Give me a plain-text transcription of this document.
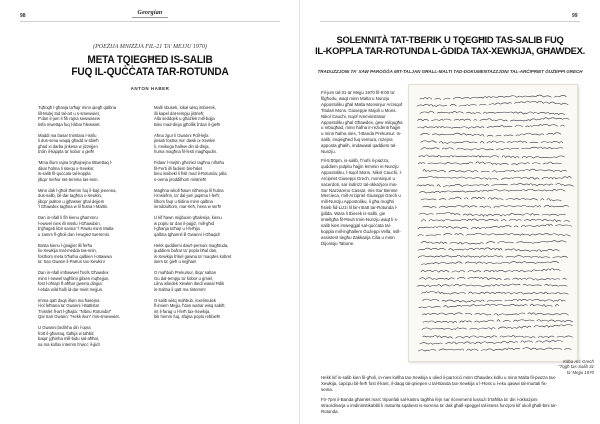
98	Georgian
(POEŻIJA MNIŻŻJA FIL-21 TA' MEJJU 1970)
META TQIEGĦED IS-SALIB
FUQ IL-QUĊĊATA TAR-ROTUNDA
ANTON HABER
Tqħogħ l-għanja ta'ħajr minn qiegħ qalbna
lill-Mulej Sid tal-art u s-smewwiet,
F'dan il-jum li fih rajna sewwasew
tisfa mwettqa fuq l-ikbar ħlewwiet.
Maddi ma basar tnimtara l-isrilu
li dus-sena waqaj għadd w sbieħ
għad xi darba jinkesa w jizzejjen
b'din il-kappla ta' kobor u ġieħ!
'Mma illum rajna b'għajnejna tittwettaq l-
4ikar ħolma li ssequ x-Xewkin;
is-salib fil-quċċata tal-koppla
jibqa' meħur set-temma tas-snin.
Minn dak l-għoli tħemm fuq il-bajt jeeenna,
dus-salib, bil-dar tagħna x-Xewkin,
jibqa' joalton u jgħasser għal dejjem
'l Għawdex tagħna w lil ħutna l-Maltin.
Dan in-nfall li fih kienu għammru
l-ewwel nies illi nisslu l-Għawdxin,
b'għageb kbir sanna' 'l Pawlu minn Malta
u żamm fl-għoli dan l-ewgiez twemmin.
Bosta kienu l-ġnajjiet illi ferħu
lix-Xewkija mal-medda tas-snin,
fosthom meta b'ħafna qalbien l-ottawwa
ta' San Gwann il-Patrun tax-Xewkin!
Dan in-nfall imħawwel f'nofs Għawdex
minn l-ewwel tagħlimi ġibien mqħejjun,
fost l-oħrajn fl-aħħar gwerra dingia:
l-ebda wild ħalli id-dar mieit mejjun.
Imma qatt daqs illum ma ħasejna
l-lol feħtana ta' Gwanni l-Battista!
Tnisslet fl-art l-għajta: "Nibnu Rotunda!"
Qal San Gwann: "Hekk ikun" mis-smewwiet.
U Gwanni beżikha din l-opra
frott il-għarraq, ttaħija w taħbit;
baqa' jgħinha mill-bidu sal-aħħar,
sa ma kollox intemm b'wicc il-ġid!
Malli nbusek, lokal wisq imbierek,
illi kapel dat-tempju jistrieħ;
Alla seddqek u għażlek mill-bqija
Biex mad-dinja jgħollik b'dan il-ġieħ!
Aħna żgur li Gwanni Pdil-lejla
jinsab fostna ma' dawk ix-Xewkin
li, mnikeġa ħallew din id-dinja,
huma magħna fil-festi magħqudin.
Fidaw' l-mejtin għeżież tagħna nifraħu
fil-Ferti illi fadiem bis-ħiliet
bieu issibekl li ħsil mod il-Rotunda; jalla
s-oema jiroddilhom mistrieħ!
Magħna wkoll ħawn nitħenqu lil ħutna
l-imsiefrin, ta' dal-jum jaqsmu l-ferħ;
lilhom faqr u tlidina minn qalbna
inroddulhom, mar-rieħ, hena w serħ!
U kif ħawn miġbuxin għalenija, kienu
w poplu ta' dan il-pajjiż, mill-għid
l-għanja ta'ħajr u l-ferħija
qalbna tgħannil lil Gwanni l-Għaqid!
Hekk quddiemi daw'l-persuni magħtuda,
quddiem bafrar ta' poplu bħal dan,
is-Xewkija b'ikel gawna ta' maqdes kobret
isem ta' ġieħ u sejjħan!
O maħbub Prekursur, ibqa' saltan
Gu dal-tempju ta' kobor u ġmiel,
Lilna wliedek Xewkin ibedi wasal Ħdik
is-Saltna li qatt ma tintemm!
O salib wisq maħbub, inxelimulek
fl-imiem Mejju, f'dan wahar wisq sabiħ;
int il-farag u l-ferħ tax-Xewkija,
bik hemm fuq, sfajna poplu rebbieħ!
99
SOLENNITÀ TAT-TBERIK U TQEGĦID TAS-SALIB FUQ
IL-KOPPLA TAR-ROTUNDA L-ĠDIDA TAX-XEWKIJA, GĦAWDEX.
TRADUZZJONI TA' XAW PAROĠĠA MIT-TALJAN GĦALL-MALTI TAD-DOKUMENTAZZJONI TAL-ARĊIPRIET ĠUŻEPPI GRECH

Fil-jum tal-31 ta' Mejju 1970 fil-9:00 ta' filgħodu, waqt minn Malta u Nunzju Appostoliku għal Malta Monsinjur Arċisqof Titulari Mons. Giuseppe Majoli u Mons. Nikol Cauchi, Isqof Amministratur Appostoliku għal Għawdex, ġew milqugħa u mbuqħad, minn ħafna ir-reżidenti ħajjin u minn ħafna nies, 'l-Banda Prekursur. Is-salib, imqiegħed fuq ventura, mżejna apposta għalih, imdawwal qaddiem tal-Nunzju.

Fil-5:00pm, is-salib, f'nofs il-piazza, quddiem pulpitu ħajjin lemmin in-Nunzju Appostoliku, l-Isqof Mons. Nikol Cauchi, l-Arċipriet Giuseppi Grech, monsinjuri u saċerdoti, sar indirizz tal-okkażjoni mis-Sur Nazzareno Cassar, mis-Sur Bennie Mercieca, mill-Arċipriet Giuseppi Grech u mill-Nunzju Appostoliku, li għa mogħti ħsieb fid-Lizzi lil bir-ritratt tar-Rotunda l-ġdida. Wara li tbierek is-salib, gie imtellgħa fil-Ħeuh tmin-Nunzju waqt li s-salib kien imweggjal sal-quċċata tal-koppla mill-ingħallem Ġużeppi Vella, mill-assistent tiegħu Zakkarija Cilia u minn Dijonisju Tabone.

Kitba Arċ Grech "Tqgħ tas-Salib 31 ta' Mejju 1970
Hekk kif is-salib kien fil-għoli, in-nies kollha tax-Xewkija u ulied il-parroċċi minn Għawdex kollu u minn Malta fil-piazza tax-Xewkija, ċapċpu bil-ferħ fost il-kant, il-daqq tal-qniepen u tal-Banda tax-Xewkija u l-Ħoss u l-eku qawwi tal-murtali fis-sema.
Fir-7pm il-Banda għamlet marċ tripunfali sal-kastru tagħha fejn sar riċevimenti lussużi b'taħlita ta' din l-okkażjoni straordinarja u imdinimitikabbli li maturita sqabeist is-sorrena ta' dak għall-speggel tal-istess funzjoni kif ukoll għall-bini tar-Rotunda.
